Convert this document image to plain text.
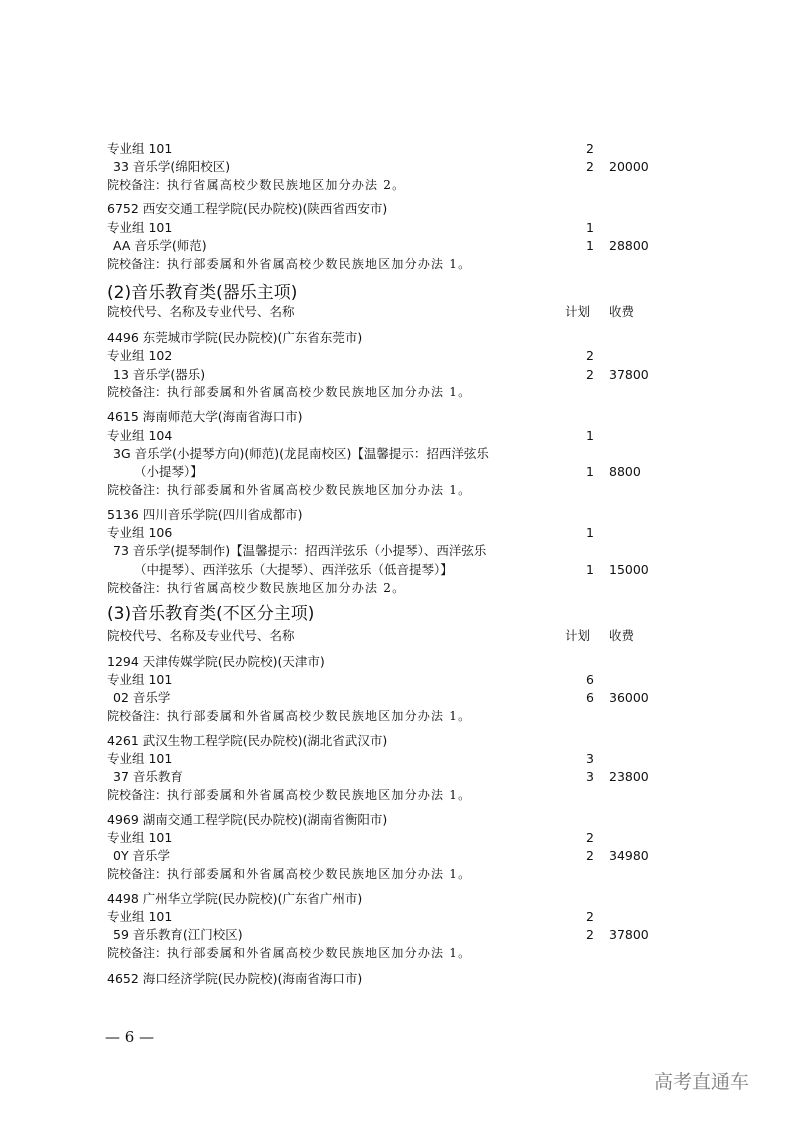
专业组 101	2
33 音乐学(绵阳校区)	2 20000
院校备注：执行省属高校少数民族地区加分办法 2。
6752 西安交通工程学院(民办院校)(陕西省西安市)
专业组 101	1
AA 音乐学(师范)	1 28800
院校备注：执行部委属和外省属高校少数民族地区加分办法 1。
(2)音乐教育类(器乐主项)
院校代号、名称及专业代号、名称	计划 收费
4496 东莞城市学院(民办院校)(广东省东莞市)
专业组 102	2
13 音乐学(器乐)	2 37800
院校备注：执行部委属和外省属高校少数民族地区加分办法 1。
4615 海南师范大学(海南省海口市)
专业组 104	1
3G 音乐学(小提琴方向)(师范)(龙昆南校区)【温馨提示：招西洋弦乐
（小提琴）】	1 8800
院校备注：执行部委属和外省属高校少数民族地区加分办法 1。
5136 四川音乐学院(四川省成都市)
专业组 106	1
73 音乐学(提琴制作)【温馨提示：招西洋弦乐（小提琴）、西洋弦乐
（中提琴）、西洋弦乐（大提琴）、西洋弦乐（低音提琴）】	1 15000
院校备注：执行省属高校少数民族地区加分办法 2。
(3)音乐教育类(不区分主项)
院校代号、名称及专业代号、名称	计划 收费
1294 天津传媒学院(民办院校)(天津市)
专业组 101	6
02 音乐学	6 36000
院校备注：执行部委属和外省属高校少数民族地区加分办法 1。
4261 武汉生物工程学院(民办院校)(湖北省武汉市)
专业组 101	3
37 音乐教育	3 23800
院校备注：执行部委属和外省属高校少数民族地区加分办法 1。
4969 湖南交通工程学院(民办院校)(湖南省衡阳市)
专业组 101	2
0Y 音乐学	2 34980
院校备注：执行部委属和外省属高校少数民族地区加分办法 1。
4498 广州华立学院(民办院校)(广东省广州市)
专业组 101	2
59 音乐教育(江门校区)	2 37800
院校备注：执行部委属和外省属高校少数民族地区加分办法 1。
4652 海口经济学院(民办院校)(海南省海口市)
— 6 —
高考直通车
